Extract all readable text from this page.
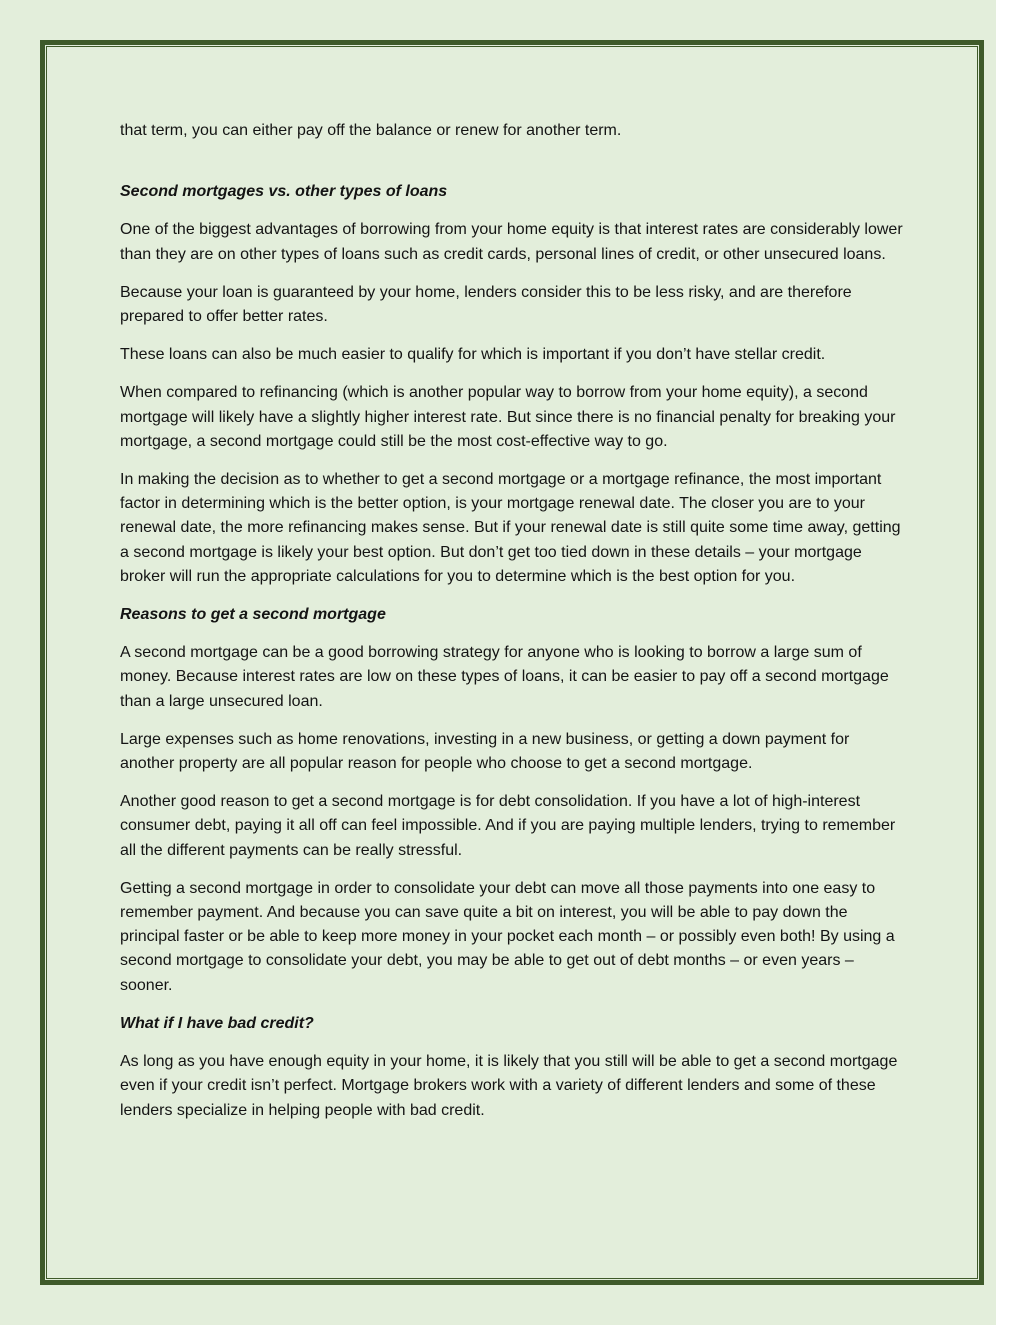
that term, you can either pay off the balance or renew for another term.

Second mortgages vs. other types of loans

One of the biggest advantages of borrowing from your home equity is that interest rates are considerably lower than they are on other types of loans such as credit cards, personal lines of credit, or other unsecured loans.

Because your loan is guaranteed by your home, lenders consider this to be less risky, and are therefore prepared to offer better rates.

These loans can also be much easier to qualify for which is important if you don’t have stellar credit.

When compared to refinancing (which is another popular way to borrow from your home equity), a second mortgage will likely have a slightly higher interest rate. But since there is no financial penalty for breaking your mortgage, a second mortgage could still be the most cost-effective way to go.

In making the decision as to whether to get a second mortgage or a mortgage refinance, the most important factor in determining which is the better option, is your mortgage renewal date. The closer you are to your renewal date, the more refinancing makes sense. But if your renewal date is still quite some time away, getting a second mortgage is likely your best option. But don’t get too tied down in these details – your mortgage broker will run the appropriate calculations for you to determine which is the best option for you.

Reasons to get a second mortgage

A second mortgage can be a good borrowing strategy for anyone who is looking to borrow a large sum of money. Because interest rates are low on these types of loans, it can be easier to pay off a second mortgage than a large unsecured loan.

Large expenses such as home renovations, investing in a new business, or getting a down payment for another property are all popular reason for people who choose to get a second mortgage.

Another good reason to get a second mortgage is for debt consolidation. If you have a lot of high-interest consumer debt, paying it all off can feel impossible. And if you are paying multiple lenders, trying to remember all the different payments can be really stressful.

Getting a second mortgage in order to consolidate your debt can move all those payments into one easy to remember payment. And because you can save quite a bit on interest, you will be able to pay down the principal faster or be able to keep more money in your pocket each month – or possibly even both! By using a second mortgage to consolidate your debt, you may be able to get out of debt months – or even years – sooner.

What if I have bad credit?

As long as you have enough equity in your home, it is likely that you still will be able to get a second mortgage even if your credit isn’t perfect. Mortgage brokers work with a variety of different lenders and some of these lenders specialize in helping people with bad credit.
